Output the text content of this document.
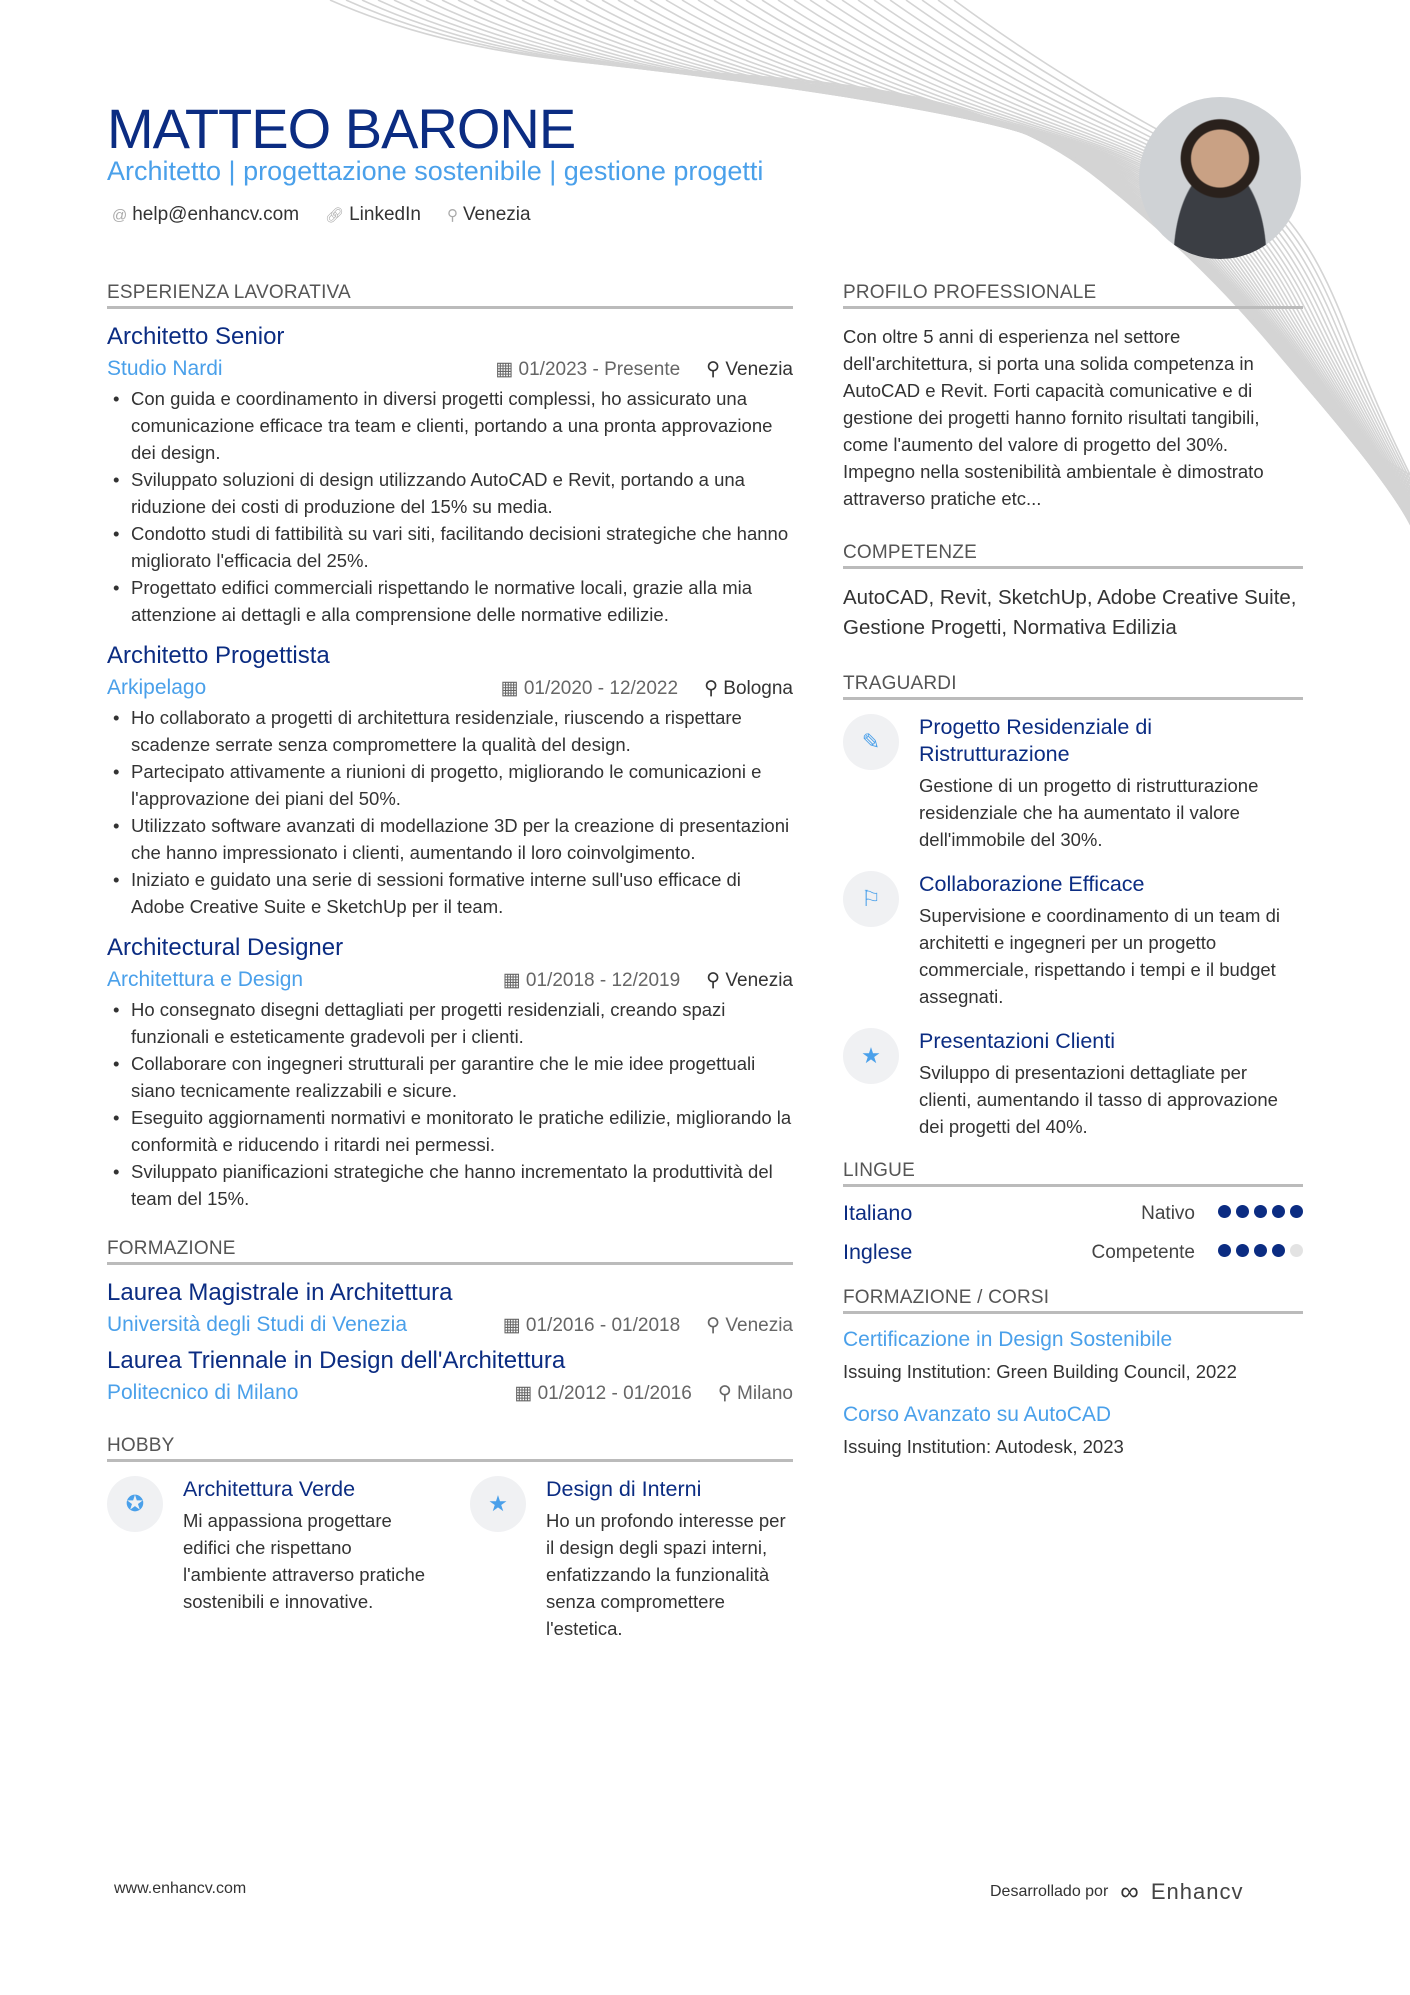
MATTEO BARONE
Architetto | progettazione sostenibile | gestione progetti
@ help@enhancv.com 🔗︎ LinkedIn ⚲ Venezia
ESPERIENZA LAVORATIVA
Architetto Senior
Studio Nardi	▦ 01/2023 - Presente ⚲ Venezia
• Con guida e coordinamento in diversi progetti complessi, ho assicurato una comunicazione efficace tra team e clienti, portando a una pronta approvazione dei design.
• Sviluppato soluzioni di design utilizzando AutoCAD e Revit, portando a una riduzione dei costi di produzione del 15% su media.
• Condotto studi di fattibilità su vari siti, facilitando decisioni strategiche che hanno migliorato l'efficacia del 25%.
• Progettato edifici commerciali rispettando le normative locali, grazie alla mia attenzione ai dettagli e alla comprensione delle normative edilizie.
Architetto Progettista
Arkipelago	▦ 01/2020 - 12/2022 ⚲ Bologna
• Ho collaborato a progetti di architettura residenziale, riuscendo a rispettare scadenze serrate senza compromettere la qualità del design.
• Partecipato attivamente a riunioni di progetto, migliorando le comunicazioni e l'approvazione dei piani del 50%.
• Utilizzato software avanzati di modellazione 3D per la creazione di presentazioni che hanno impressionato i clienti, aumentando il loro coinvolgimento.
• Iniziato e guidato una serie di sessioni formative interne sull'uso efficace di Adobe Creative Suite e SketchUp per il team.
Architectural Designer
Architettura e Design	▦ 01/2018 - 12/2019 ⚲ Venezia
• Ho consegnato disegni dettagliati per progetti residenziali, creando spazi funzionali e esteticamente gradevoli per i clienti.
• Collaborare con ingegneri strutturali per garantire che le mie idee progettuali siano tecnicamente realizzabili e sicure.
• Eseguito aggiornamenti normativi e monitorato le pratiche edilizie, migliorando la conformità e riducendo i ritardi nei permessi.
• Sviluppato pianificazioni strategiche che hanno incrementato la produttività del team del 15%.
FORMAZIONE
Laurea Magistrale in Architettura
Università degli Studi di Venezia	▦ 01/2016 - 01/2018 ⚲ Venezia
Laurea Triennale in Design dell'Architettura
Politecnico di Milano	▦ 01/2012 - 01/2016 ⚲ Milano
HOBBY
✪
Architettura Verde
Mi appassiona progettare edifici che rispettano l'ambiente attraverso pratiche sostenibili e innovative.
★
Design di Interni
Ho un profondo interesse per il design degli spazi interni, enfatizzando la funzionalità senza compromettere l'estetica.
PROFILO PROFESSIONALE
Con oltre 5 anni di esperienza nel settore dell'architettura, si porta una solida competenza in AutoCAD e Revit. Forti capacità comunicative e di gestione dei progetti hanno fornito risultati tangibili, come l'aumento del valore di progetto del 30%. Impegno nella sostenibilità ambientale è dimostrato attraverso pratiche etc...
COMPETENZE
AutoCAD, Revit, SketchUp, Adobe Creative Suite, Gestione Progetti, Normativa Edilizia
TRAGUARDI
✎
Progetto Residenziale di Ristrutturazione
Gestione di un progetto di ristrutturazione residenziale che ha aumentato il valore dell'immobile del 30%.
⚐
Collaborazione Efficace
Supervisione e coordinamento di un team di architetti e ingegneri per un progetto commerciale, rispettando i tempi e il budget assegnati.
★
Presentazioni Clienti
Sviluppo di presentazioni dettagliate per clienti, aumentando il tasso di approvazione dei progetti del 40%.
LINGUE
Italiano	Nativo
Inglese	Competente
FORMAZIONE / CORSI
Certificazione in Design Sostenibile
Issuing Institution: Green Building Council, 2022
Corso Avanzato su AutoCAD
Issuing Institution: Autodesk, 2023
www.enhancv.com	Desarrollado por ∞ Enhancv
